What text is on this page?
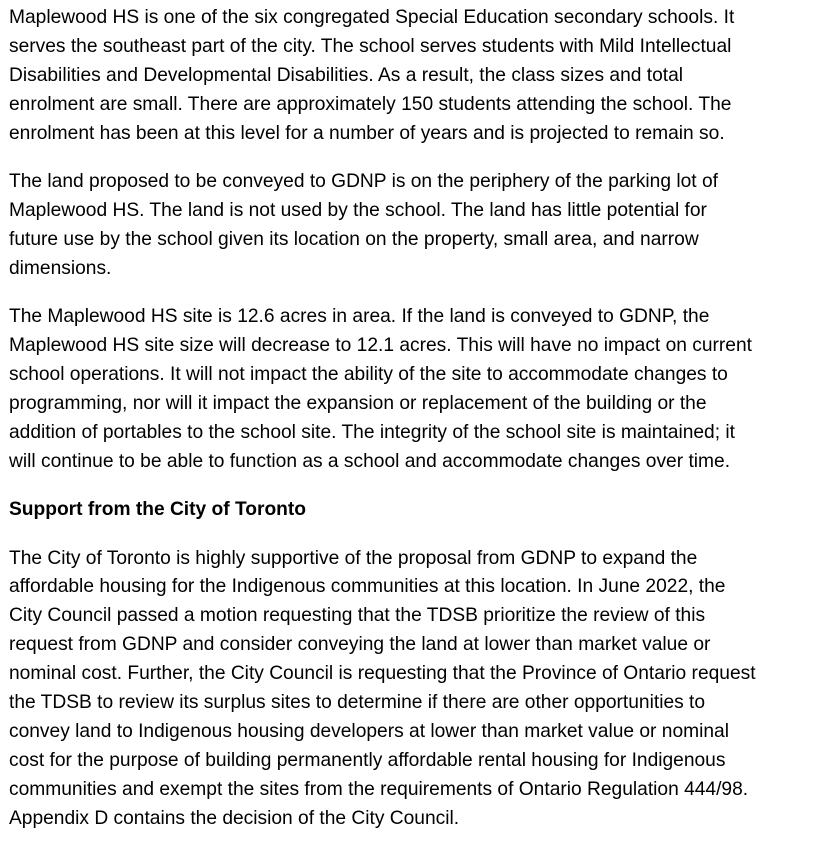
Maplewood HS is one of the six congregated Special Education secondary schools. It
serves the southeast part of the city. The school serves students with Mild Intellectual
Disabilities and Developmental Disabilities. As a result, the class sizes and total
enrolment are small. There are approximately 150 students attending the school. The
enrolment has been at this level for a number of years and is projected to remain so.

The land proposed to be conveyed to GDNP is on the periphery of the parking lot of
Maplewood HS. The land is not used by the school. The land has little potential for
future use by the school given its location on the property, small area, and narrow
dimensions.

The Maplewood HS site is 12.6 acres in area. If the land is conveyed to GDNP, the
Maplewood HS site size will decrease to 12.1 acres. This will have no impact on current
school operations. It will not impact the ability of the site to accommodate changes to
programming, nor will it impact the expansion or replacement of the building or the
addition of portables to the school site. The integrity of the school site is maintained; it
will continue to be able to function as a school and accommodate changes over time.

Support from the City of Toronto

The City of Toronto is highly supportive of the proposal from GDNP to expand the
affordable housing for the Indigenous communities at this location. In June 2022, the
City Council passed a motion requesting that the TDSB prioritize the review of this
request from GDNP and consider conveying the land at lower than market value or
nominal cost. Further, the City Council is requesting that the Province of Ontario request
the TDSB to review its surplus sites to determine if there are other opportunities to
convey land to Indigenous housing developers at lower than market value or nominal
cost for the purpose of building permanently affordable rental housing for Indigenous
communities and exempt the sites from the requirements of Ontario Regulation 444/98.
Appendix D contains the decision of the City Council.
